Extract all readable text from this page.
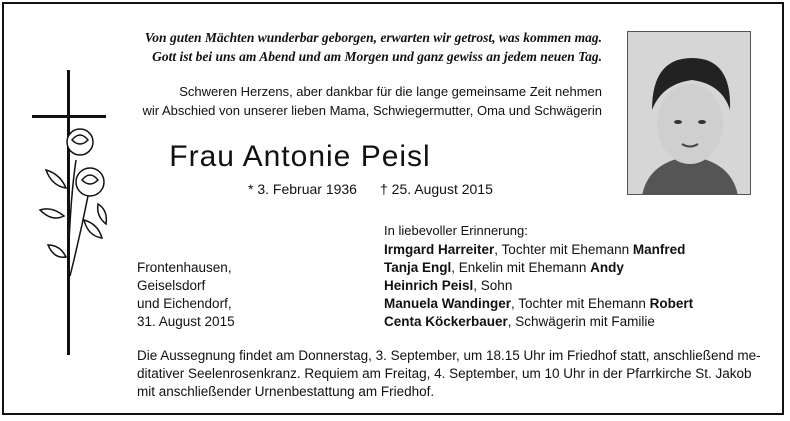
Von guten Mächten wunderbar geborgen, erwarten wir getrost, was kommen mag.
Gott ist bei uns am Abend und am Morgen und ganz gewiss an jedem neuen Tag.
Schweren Herzens, aber dankbar für die lange gemeinsame Zeit nehmen
wir Abschied von unserer lieben Mama, Schwiegermutter, Oma und Schwägerin
Frau Antonie Peisl
* 3. Februar 1936 † 25. August 2015
In liebevoller Erinnerung:
Irmgard Harreiter, Tochter mit Ehemann Manfred
Tanja Engl, Enkelin mit Ehemann Andy
Heinrich Peisl, Sohn
Manuela Wandinger, Tochter mit Ehemann Robert
Centa Köckerbauer, Schwägerin mit Familie
Frontenhausen,
Geiselsdorf
und Eichendorf,
31. August 2015
Die Aussegnung findet am Donnerstag, 3. September, um 18.15 Uhr im Friedhof statt, anschließend me-
ditativer Seelenrosenkranz. Requiem am Freitag, 4. September, um 10 Uhr in der Pfarrkirche St. Jakob
mit anschließender Urnenbestattung am Friedhof.
